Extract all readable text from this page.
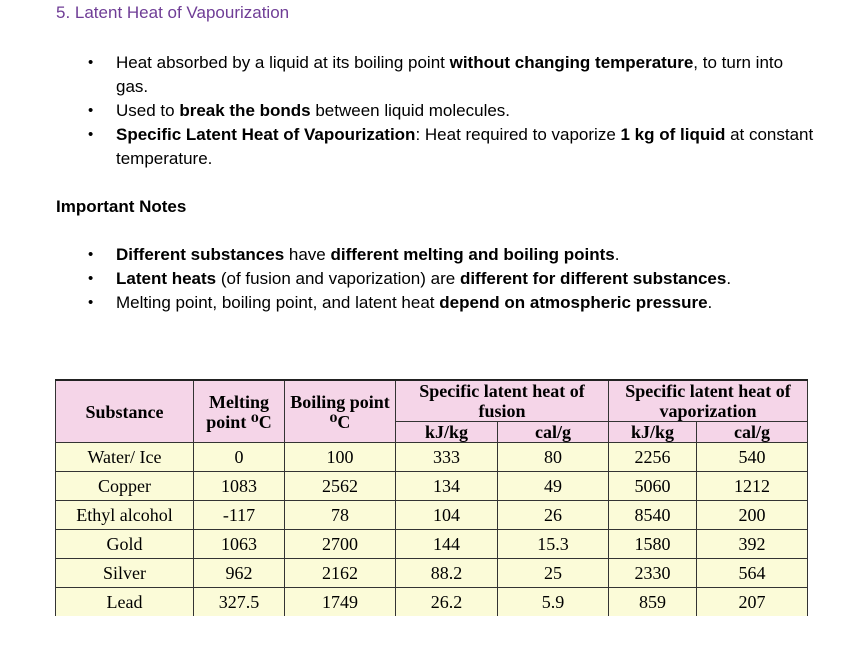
5. Latent Heat of Vapourization
• Heat absorbed by a liquid at its boiling point without changing temperature, to turn into gas.
• Used to break the bonds between liquid molecules.
• Specific Latent Heat of Vapourization: Heat required to vaporize 1 kg of liquid at constant temperature.
Important Notes
• Different substances have different melting and boiling points.
• Latent heats (of fusion and vaporization) are different for different substances.
• Melting point, boiling point, and latent heat depend on atmospheric pressure.
Substance	Melting point ⁰C	Boiling point ⁰C	Specific latent heat of fusion		Specific latent heat of vaporization	
			kJ/kg	cal/g	kJ/kg	cal/g
Water/ Ice	0	100	333	80	2256	540
Copper	1083	2562	134	49	5060	1212
Ethyl alcohol	-117	78	104	26	8540	200
Gold	1063	2700	144	15.3	1580	392
Silver	962	2162	88.2	25	2330	564
Lead	327.5	1749	26.2	5.9	859	207
